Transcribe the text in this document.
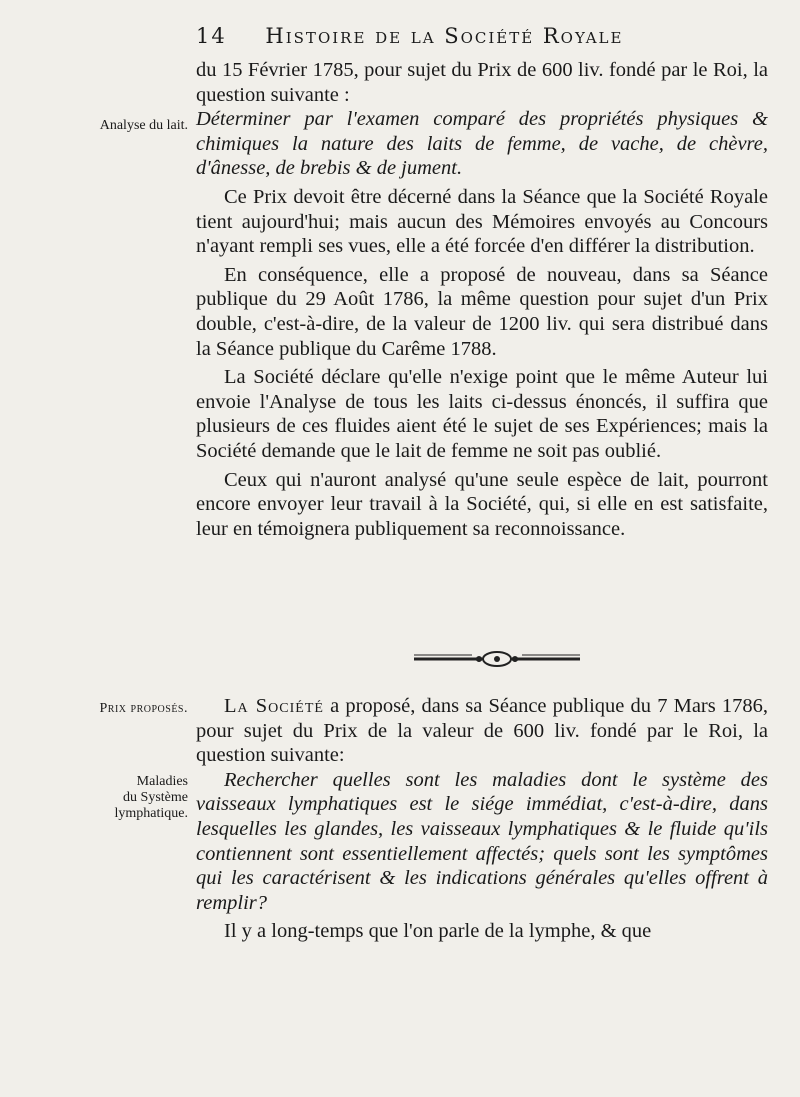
14 Histoire de la Société Royale
Analyse du lait.

du 15 Février 1785, pour sujet du Prix de 600 liv. fondé par le Roi, la question suivante :

Déterminer par l'examen comparé des propriétés physiques & chimiques la nature des laits de femme, de vache, de chèvre, d'ânesse, de brebis & de jument.

Ce Prix devoit être décerné dans la Séance que la Société Royale tient aujourd'hui; mais aucun des Mémoires envoyés au Concours n'ayant rempli ses vues, elle a été forcée d'en différer la distribution.

En conséquence, elle a proposé de nouveau, dans sa Séance publique du 29 Août 1786, la même question pour sujet d'un Prix double, c'est-à-dire, de la valeur de 1200 liv. qui sera distribué dans la Séance publique du Carême 1788.

La Société déclare qu'elle n'exige point que le même Auteur lui envoie l'Analyse de tous les laits ci-dessus énoncés, il suffira que plusieurs de ces fluides aient été le sujet de ses Expériences; mais la Société demande que le lait de femme ne soit pas oublié.

Ceux qui n'auront analysé qu'une seule espèce de lait, pourront encore envoyer leur travail à la Société, qui, si elle en est satisfaite, leur en témoignera publiquement sa reconnoissance.

Prix proposés.
Maladies
du Système
lymphatique.

La Société a proposé, dans sa Séance publique du 7 Mars 1786, pour sujet du Prix de la valeur de 600 liv. fondé par le Roi, la question suivante:

Rechercher quelles sont les maladies dont le système des vaisseaux lymphatiques est le siége immédiat, c'est-à-dire, dans lesquelles les glandes, les vaisseaux lymphatiques & le fluide qu'ils contiennent sont essentiellement affectés; quels sont les symptômes qui les caractérisent & les indications générales qu'elles offrent à remplir?

Il y a long-temps que l'on parle de la lymphe, & que
